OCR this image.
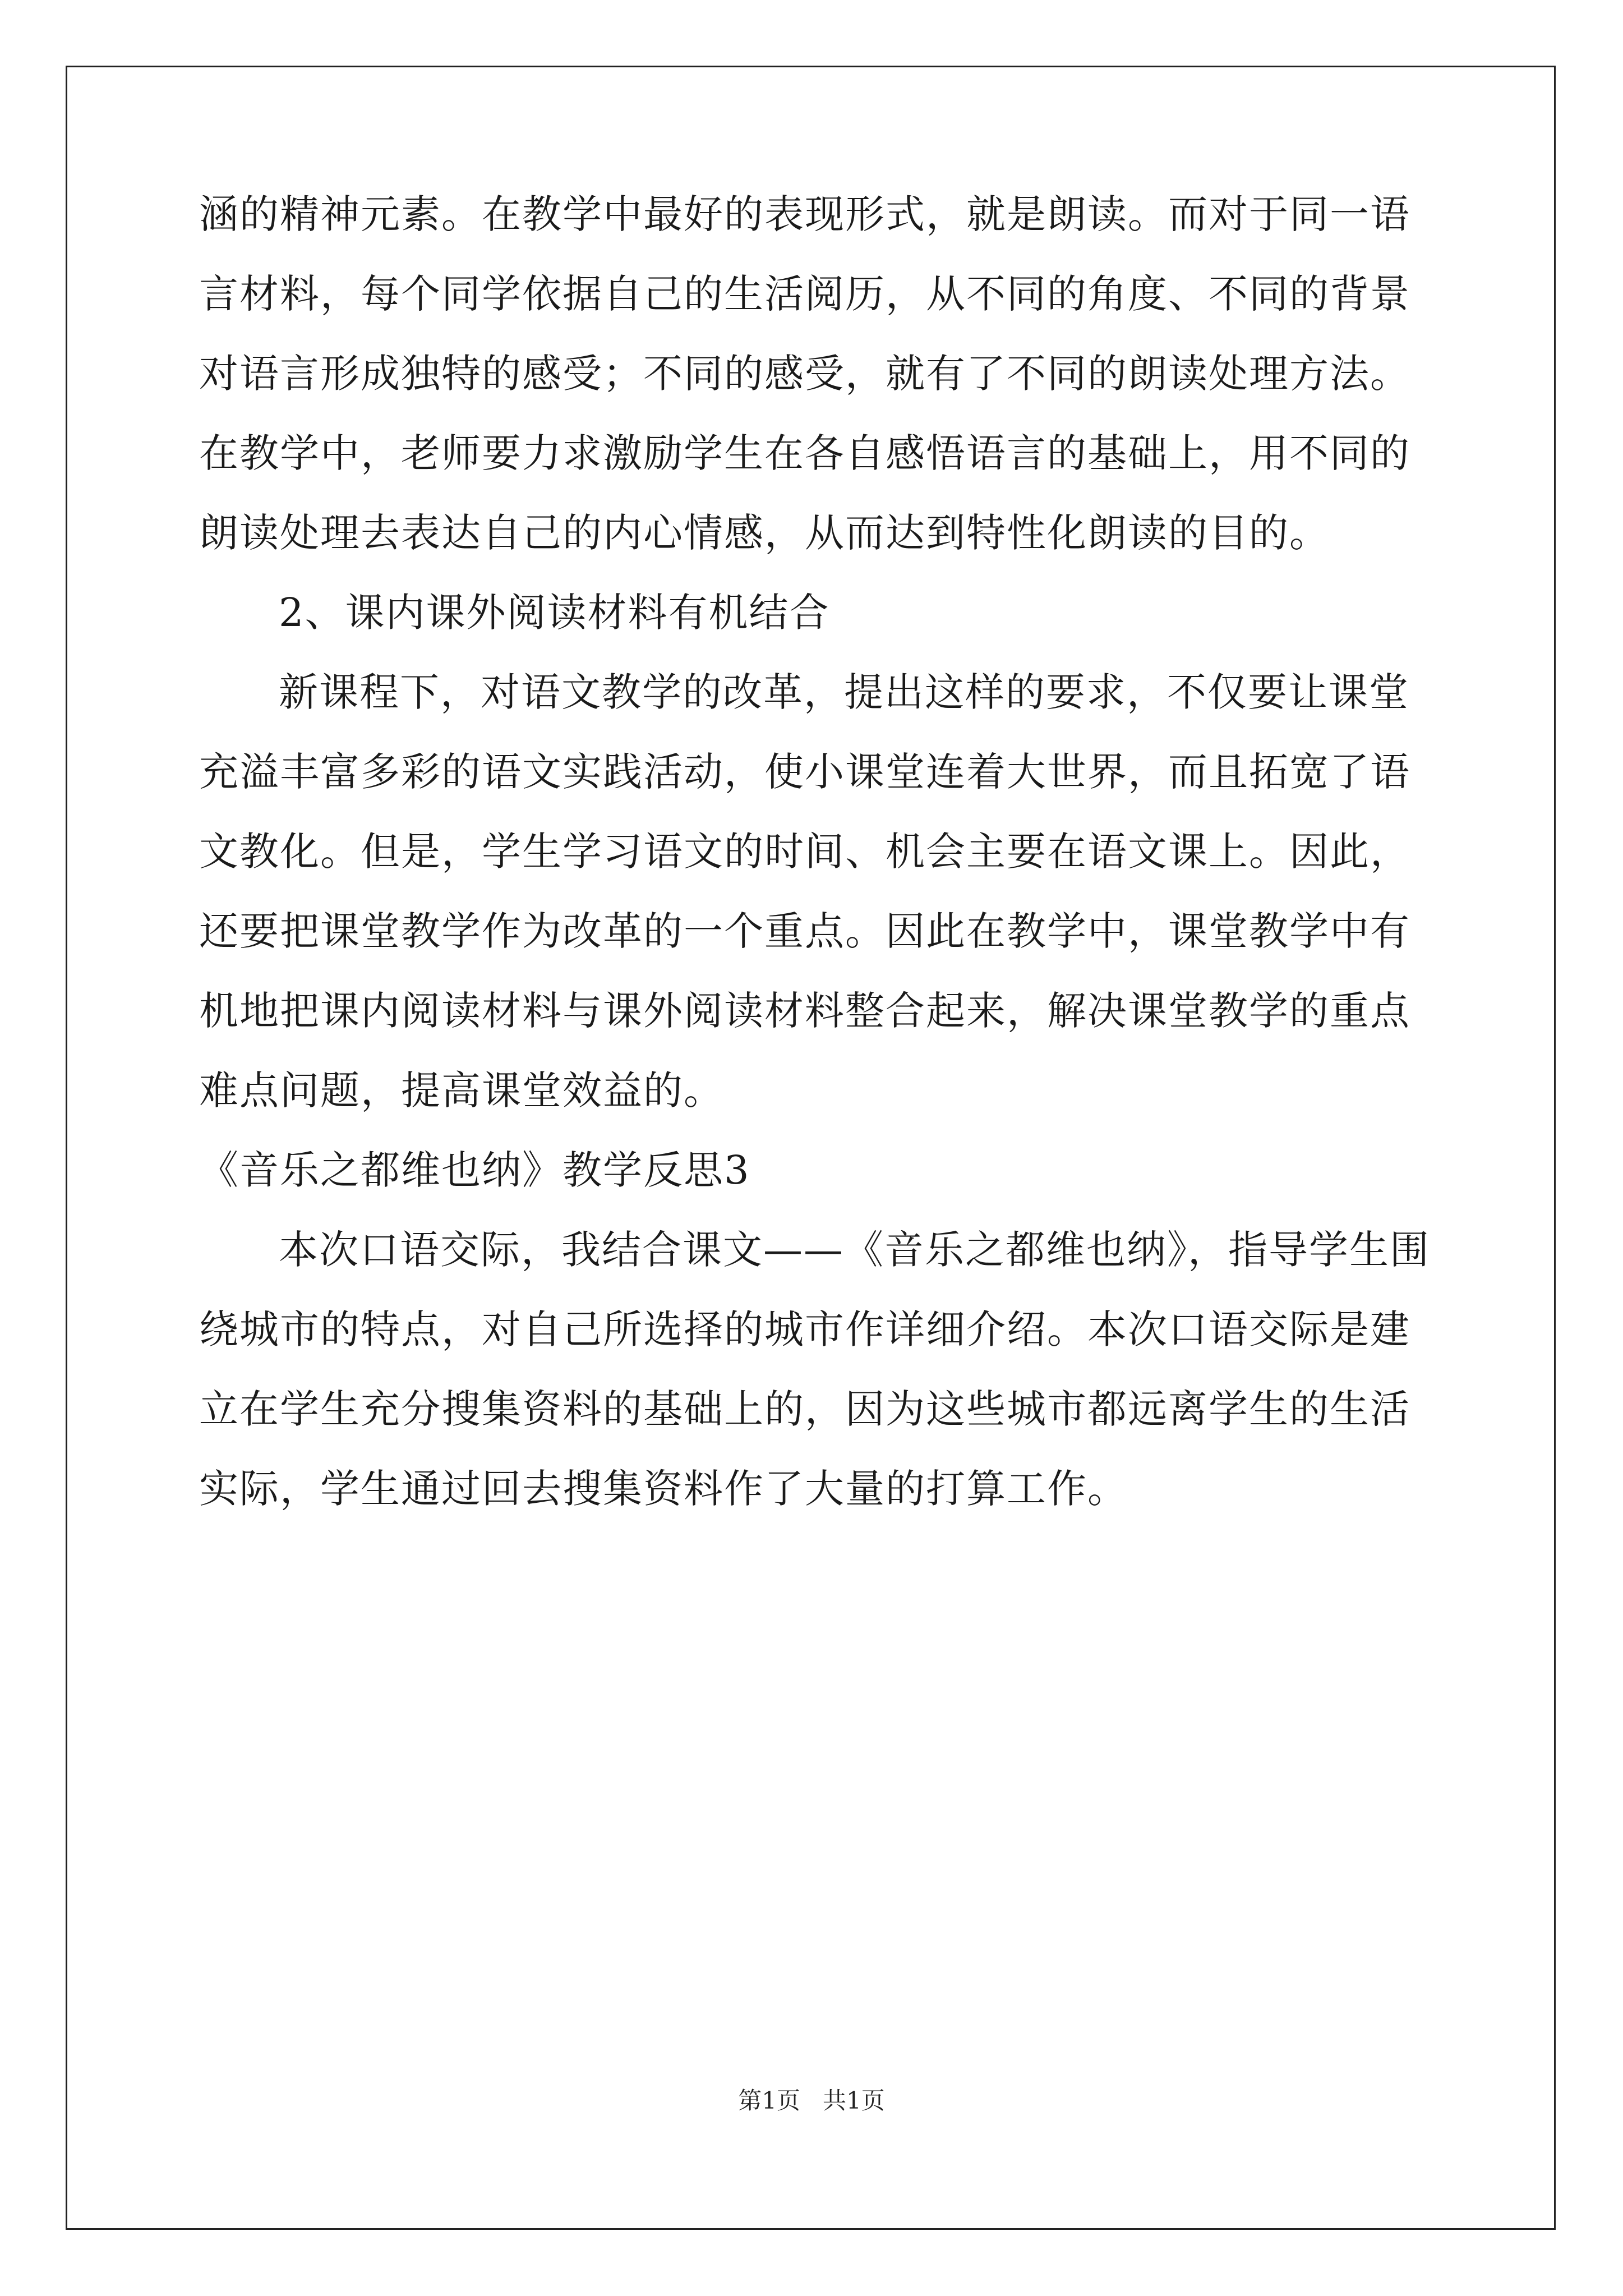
涵的精神元素。在教学中最好的表现形式，就是朗读。而对于同一语
言材料，每个同学依据自己的生活阅历，从不同的角度、不同的背景
对语言形成独特的感受；不同的感受，就有了不同的朗读处理方法。
在教学中，老师要力求激励学生在各自感悟语言的基础上，用不同的
朗读处理去表达自己的内心情感，从而达到特性化朗读的目的。
2、课内课外阅读材料有机结合
新课程下，对语文教学的改革，提出这样的要求，不仅要让课堂
充溢丰富多彩的语文实践活动，使小课堂连着大世界，而且拓宽了语
文教化。但是，学生学习语文的时间、机会主要在语文课上。因此，
还要把课堂教学作为改革的一个重点。因此在教学中，课堂教学中有
机地把课内阅读材料与课外阅读材料整合起来，解决课堂教学的重点
难点问题，提高课堂效益的。
《音乐之都维也纳》教学反思3
本次口语交际，我结合课文——《音乐之都维也纳》，指导学生围
绕城市的特点，对自己所选择的城市作详细介绍。本次口语交际是建
立在学生充分搜集资料的基础上的，因为这些城市都远离学生的生活
实际，学生通过回去搜集资料作了大量的打算工作。
第1页   共1页
